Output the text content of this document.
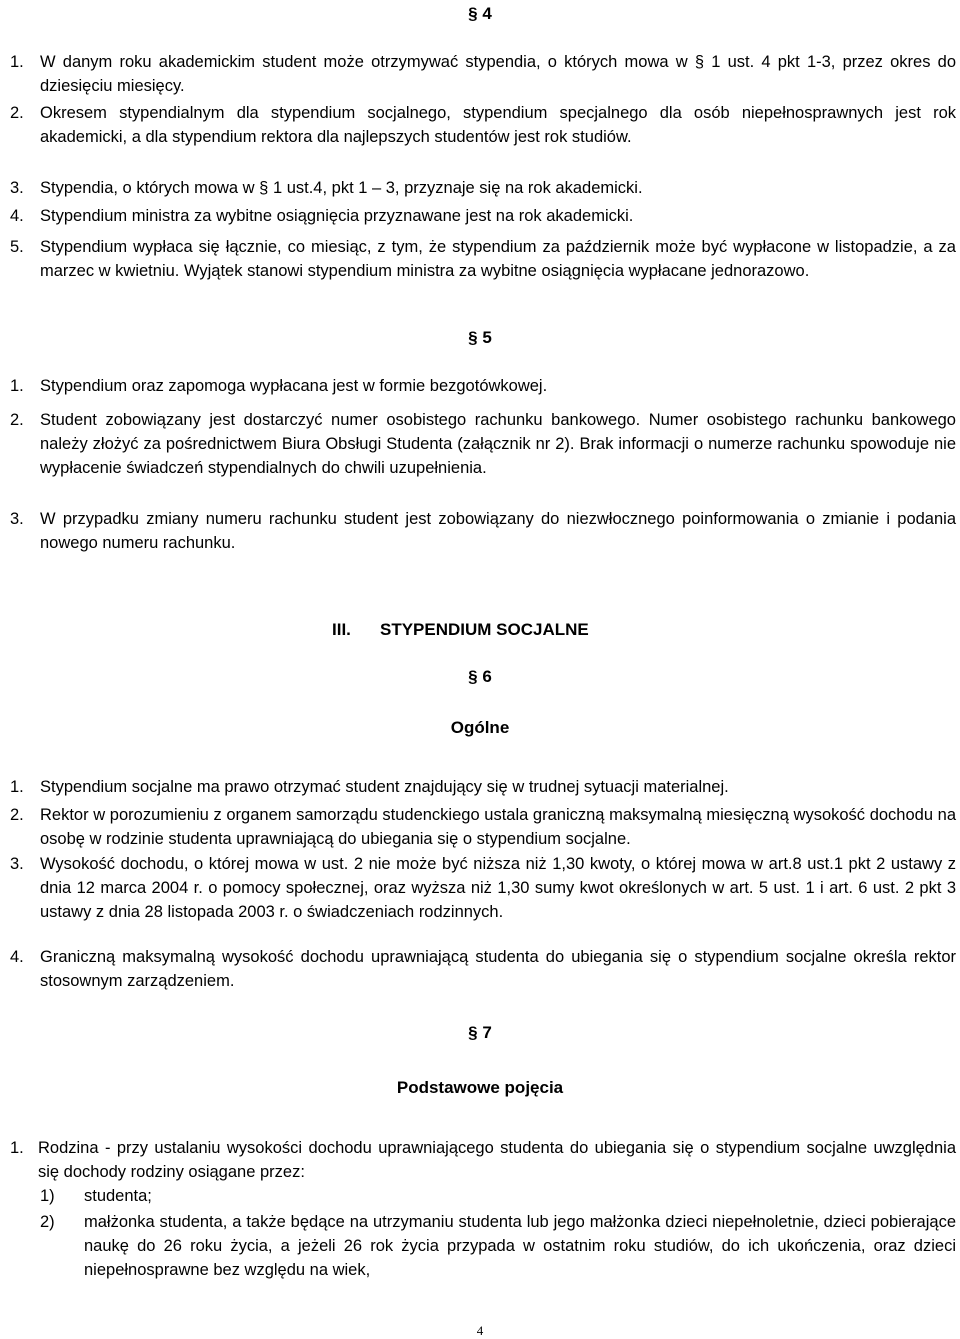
§ 4
1. W danym roku akademickim student może otrzymywać stypendia, o których mowa w § 1 ust. 4 pkt 1-3, przez okres do dziesięciu miesięcy.
2. Okresem stypendialnym dla stypendium socjalnego, stypendium specjalnego dla osób niepełnosprawnych jest rok akademicki, a dla stypendium rektora dla najlepszych studentów jest rok studiów.
3. Stypendia, o których mowa w § 1 ust.4, pkt 1 – 3, przyznaje się na rok akademicki.
4. Stypendium ministra za wybitne osiągnięcia przyznawane jest na rok akademicki.
5. Stypendium wypłaca się łącznie, co miesiąc, z tym, że stypendium za październik może być wypłacone w listopadzie, a za marzec w kwietniu. Wyjątek stanowi stypendium ministra za wybitne osiągnięcia wypłacane jednorazowo.
§ 5
1. Stypendium oraz zapomoga wypłacana jest w formie bezgotówkowej.
2. Student zobowiązany jest dostarczyć numer osobistego rachunku bankowego. Numer osobistego rachunku bankowego należy złożyć za pośrednictwem Biura Obsługi Studenta (załącznik nr 2). Brak informacji o numerze rachunku spowoduje nie wypłacenie świadczeń stypendialnych do chwili uzupełnienia.
3. W przypadku zmiany numeru rachunku student jest zobowiązany do niezwłocznego poinformowania o zmianie i podania nowego numeru rachunku.
III. STYPENDIUM SOCJALNE
§ 6
Ogólne
1. Stypendium socjalne ma prawo otrzymać student znajdujący się w trudnej sytuacji materialnej.
2. Rektor w porozumieniu z organem samorządu studenckiego ustala graniczną maksymalną miesięczną wysokość dochodu na osobę w rodzinie studenta uprawniającą do ubiegania się o stypendium socjalne.
3. Wysokość dochodu, o której mowa w ust. 2 nie może być niższa niż 1,30 kwoty, o której mowa w art.8 ust.1 pkt 2 ustawy z dnia 12 marca 2004 r. o pomocy społecznej, oraz wyższa niż 1,30 sumy kwot określonych w art. 5 ust. 1 i art. 6 ust. 2 pkt 3 ustawy z dnia 28 listopada 2003 r. o świadczeniach rodzinnych.
4. Graniczną maksymalną wysokość dochodu uprawniającą studenta do ubiegania się o stypendium socjalne określa rektor stosownym zarządzeniem.
§ 7
Podstawowe pojęcia
1. Rodzina - przy ustalaniu wysokości dochodu uprawniającego studenta do ubiegania się o stypendium socjalne uwzględnia się dochody rodziny osiągane przez:
1) studenta;
2) małżonka studenta, a także będące na utrzymaniu studenta lub jego małżonka dzieci niepełnoletnie, dzieci pobierające naukę do 26 roku życia, a jeżeli 26 rok życia przypada w ostatnim roku studiów, do ich ukończenia, oraz dzieci niepełnosprawne bez względu na wiek,
4
